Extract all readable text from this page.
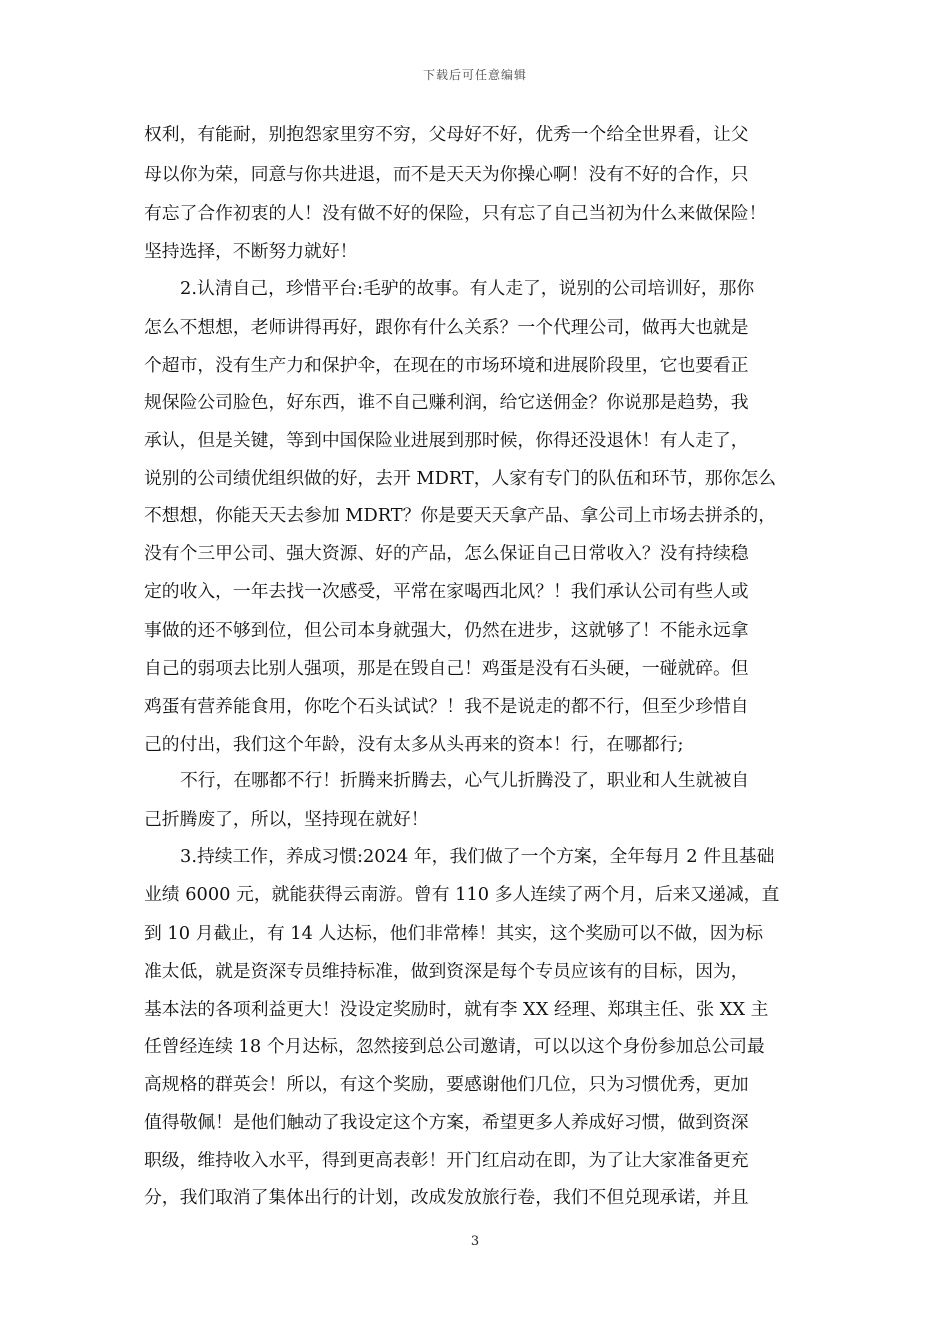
下载后可任意编辑
权利，有能耐，别抱怨家里穷不穷，父母好不好，优秀一个给全世界看，让父
母以你为荣，同意与你共进退，而不是天天为你操心啊！没有不好的合作，只
有忘了合作初衷的人！没有做不好的保险，只有忘了自己当初为什么来做保险！
坚持选择，不断努力就好！
2.认清自己，珍惜平台:毛驴的故事。有人走了，说别的公司培训好，那你
怎么不想想，老师讲得再好，跟你有什么关系？一个代理公司，做再大也就是
个超市，没有生产力和保护伞，在现在的市场环境和进展阶段里，它也要看正
规保险公司脸色，好东西，谁不自己赚利润，给它送佣金？你说那是趋势，我
承认，但是关键，等到中国保险业进展到那时候，你得还没退休！有人走了，
说别的公司绩优组织做的好，去开 MDRT，人家有专门的队伍和环节，那你怎么
不想想，你能天天去参加 MDRT？你是要天天拿产品、拿公司上市场去拼杀的，
没有个三甲公司、强大资源、好的产品，怎么保证自己日常收入？没有持续稳
定的收入，一年去找一次感受，平常在家喝西北风？！我们承认公司有些人或
事做的还不够到位，但公司本身就强大，仍然在进步，这就够了！不能永远拿
自己的弱项去比别人强项，那是在毁自己！鸡蛋是没有石头硬，一碰就碎。但
鸡蛋有营养能食用，你吃个石头试试？！我不是说走的都不行，但至少珍惜自
己的付出，我们这个年龄，没有太多从头再来的资本！行，在哪都行;
不行，在哪都不行！折腾来折腾去，心气儿折腾没了，职业和人生就被自
己折腾废了，所以，坚持现在就好！
3.持续工作，养成习惯:2024 年，我们做了一个方案，全年每月 2 件且基础
业绩 6000 元，就能获得云南游。曾有 110 多人连续了两个月，后来又递减，直
到 10 月截止，有 14 人达标，他们非常棒！其实，这个奖励可以不做，因为标
准太低，就是资深专员维持标准，做到资深是每个专员应该有的目标，因为，
基本法的各项利益更大！没设定奖励时，就有李 XX 经理、郑琪主任、张 XX 主
任曾经连续 18 个月达标，忽然接到总公司邀请，可以以这个身份参加总公司最
高规格的群英会！所以，有这个奖励，要感谢他们几位，只为习惯优秀，更加
值得敬佩！是他们触动了我设定这个方案，希望更多人养成好习惯，做到资深
职级，维持收入水平，得到更高表彰！开门红启动在即，为了让大家准备更充
分，我们取消了集体出行的计划，改成发放旅行卷，我们不但兑现承诺，并且
3
